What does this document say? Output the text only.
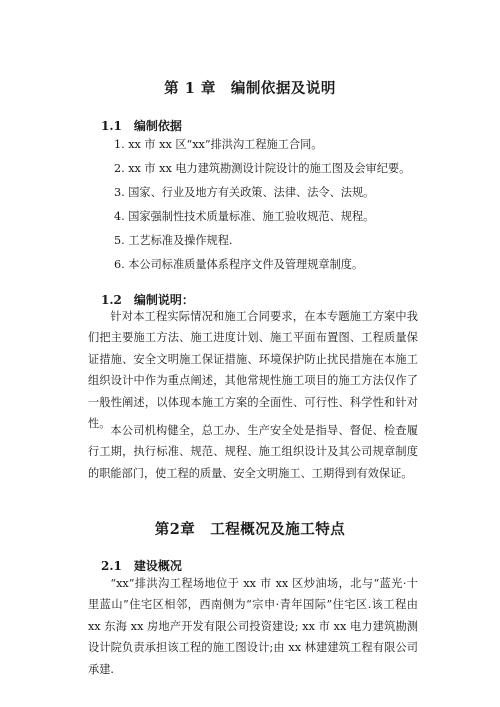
第 1 章　编制依据及说明
1.1　编制依据
1. xx 市 xx 区“xx”排洪沟工程施工合同。
2. xx 市 xx 电力建筑勘测设计院设计的施工图及会审纪要。
3. 国家、行业及地方有关政策、法律、法令、法规。
4. 国家强制性技术质量标准、施工验收规范、规程。
5. 工艺标准及操作规程.
6. 本公司标准质量体系程序文件及管理规章制度。
1.2　编制说明：

针对本工程实际情况和施工合同要求，在本专题施工方案中我们把主要施工方法、施工进度计划、施工平面布置图、工程质量保证措施、安全文明施工保证措施、环境保护防止扰民措施在本施工组织设计中作为重点阐述，其他常规性施工项目的施工方法仅作了一般性阐述，以体现本施工方案的全面性、可行性、科学性和针对性。

本公司机构健全，总工办、生产安全处是指导、督促、检查履行工期，执行标准、规范、规程、施工组织设计及其公司规章制度的职能部门，使工程的质量、安全文明施工、工期得到有效保证。

第2章　工程概况及施工特点
2.1　建设概况

“xx”排洪沟工程场地位于 xx 市 xx 区炒油场，北与“蓝光·十里蓝山”住宅区相邻，西南侧为“宗申·青年国际”住宅区.该工程由 xx 东海 xx 房地产开发有限公司投资建设; xx 市 xx 电力建筑勘测设计院负责承担该工程的施工图设计;由 xx 林建建筑工程有限公司承建.
